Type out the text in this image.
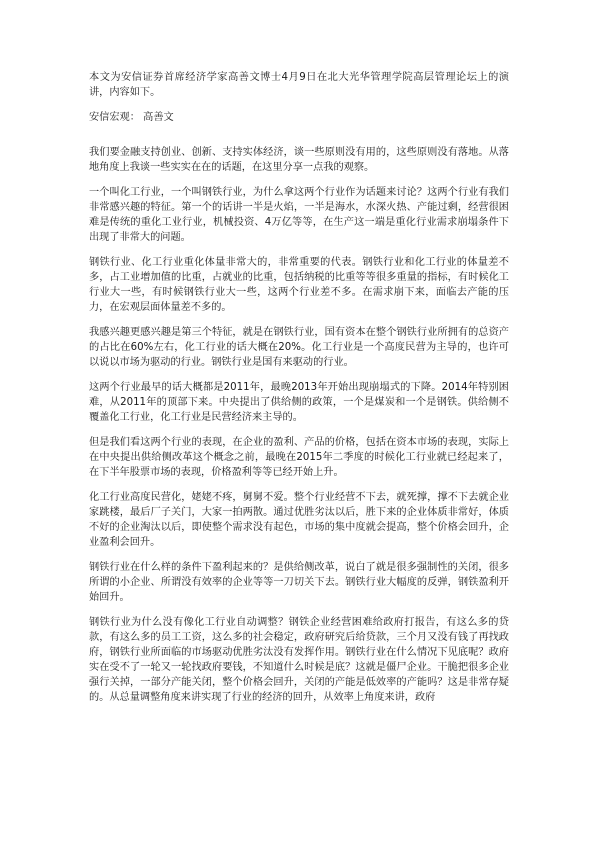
本文为安信证券首席经济学家高善文博士4月9日在北大光华管理学院高层管理论坛上的演讲，内容如下。

安信宏观： 高善文

我们要金融支持创业、创新、支持实体经济，谈一些原则没有用的，这些原则没有落地。从落地角度上我谈一些实实在在的话题，在这里分享一点我的观察。

一个叫化工行业，一个叫钢铁行业，为什么拿这两个行业作为话题来讨论？这两个行业有我们非常感兴趣的特征。第一个的话讲一半是火焰，一半是海水，水深火热、产能过剩，经营很困难是传统的重化工业行业，机械投资、4万亿等等，在生产这一端是重化行业需求崩塌条件下出现了非常大的问题。

钢铁行业、化工行业重化体量非常大的，非常重要的代表。钢铁行业和化工行业的体量差不多，占工业增加值的比重，占就业的比重，包括纳税的比重等等很多重量的指标，有时候化工行业大一些，有时候钢铁行业大一些，这两个行业差不多。在需求崩下来，面临去产能的压力，在宏观层面体量差不多的。

我感兴趣更感兴趣是第三个特征，就是在钢铁行业，国有资本在整个钢铁行业所拥有的总资产的占比在60%左右，化工行业的话大概在20%。化工行业是一个高度民营为主导的，也许可以说以市场为驱动的行业。钢铁行业是国有来驱动的行业。

这两个行业最早的话大概都是2011年，最晚2013年开始出现崩塌式的下降。2014年特别困难，从2011年的顶部下来。中央提出了供给侧的政策，一个是煤炭和一个是钢铁。供给侧不覆盖化工行业，化工行业是民营经济来主导的。

但是我们看这两个行业的表现，在企业的盈利、产品的价格，包括在资本市场的表现，实际上在中央提出供给侧改革这个概念之前，最晚在2015年二季度的时候化工行业就已经起来了，在下半年股票市场的表现，价格盈利等等已经开始上升。

化工行业高度民营化，姥姥不疼，舅舅不爱。整个行业经营不下去，就死撑，撑不下去就企业家跳楼，最后厂子关门，大家一拍两散。通过优胜劣汰以后，胜下来的企业体质非常好，体质不好的企业淘汰以后，即使整个需求没有起色，市场的集中度就会提高，整个价格会回升，企业盈利会回升。

钢铁行业在什么样的条件下盈利起来的？是供给侧改革，说白了就是很多强制性的关闭，很多所谓的小企业、所谓没有效率的企业等等一刀切关下去。钢铁行业大幅度的反弹，钢铁盈利开始回升。

钢铁行业为什么没有像化工行业自动调整？钢铁企业经营困难给政府打报告，有这么多的贷款，有这么多的员工工资，这么多的社会稳定，政府研究后给贷款，三个月又没有钱了再找政府，钢铁行业所面临的市场驱动优胜劣汰没有发挥作用。钢铁行业在什么情况下见底呢？政府实在受不了一轮又一轮找政府要钱，不知道什么时候是底？这就是僵尸企业。干脆把很多企业强行关掉，一部分产能关闭，整个价格会回升，关闭的产能是低效率的产能吗？这是非常存疑的。从总量调整角度来讲实现了行业的经济的回升，从效率上角度来讲，政府
